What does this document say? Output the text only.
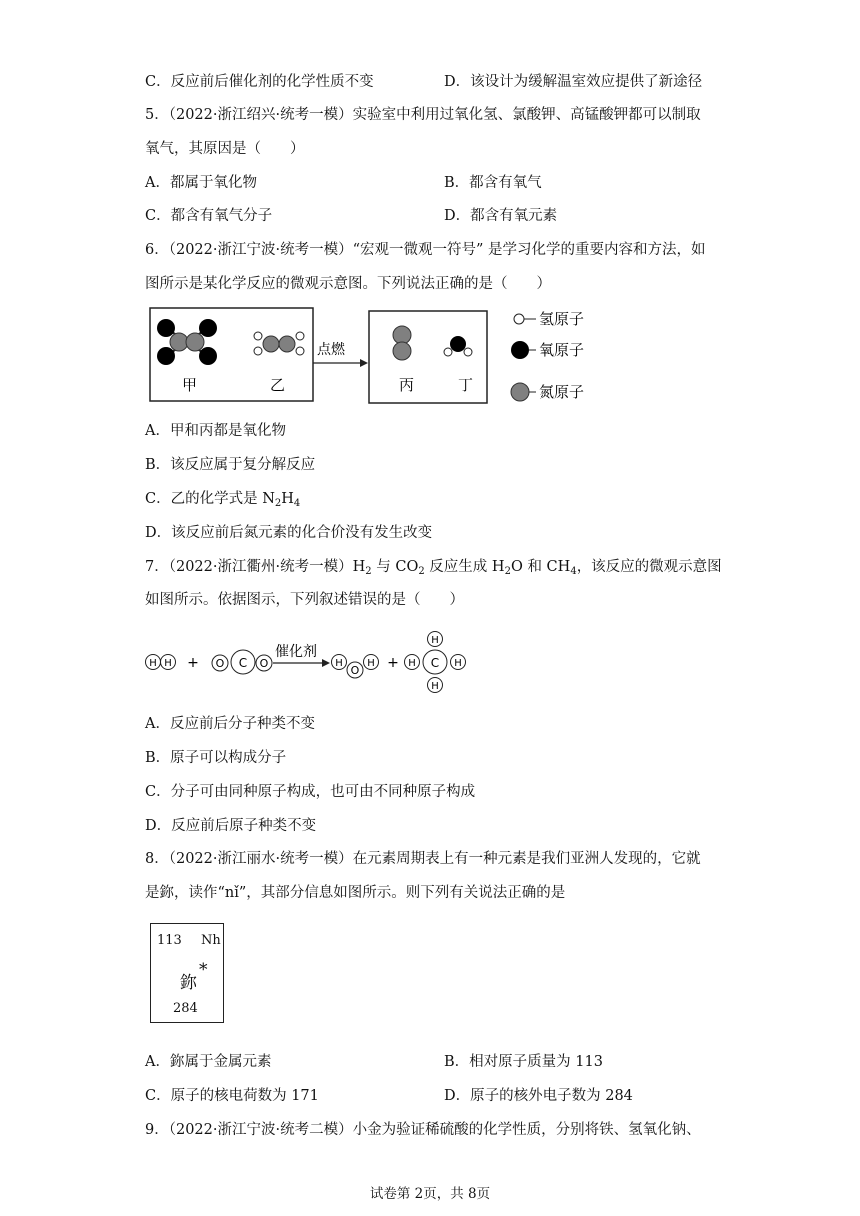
C．反应前后催化剂的化学性质不变	D．该设计为缓解温室效应提供了新途径
5．（2022·浙江绍兴·统考一模）实验室中利用过氧化氢、氯酸钾、高锰酸钾都可以制取
氧气，其原因是（　　）
A．都属于氧化物	B．都含有氧气
C．都含有氧气分子	D．都含有氧元素
6．（2022·浙江宁波·统考一模）“宏观一微观一符号” 是学习化学的重要内容和方法，如
图所示是某化学反应的微观示意图。下列说法正确的是（　　）
甲	乙
点燃
丙	丁
氢原子
氧原子
氮原子
A．甲和丙都是氧化物
B．该反应属于复分解反应
C．乙的化学式是 $N_2H_4$
D．该反应前后氮元素的化合价没有发生改变
7．（2022·浙江衢州·统考一模）$H_2$ 与 $CO_2$ 反应生成 $H_2O$ 和 $CH_4$，该反应的微观示意图
如图所示。依据图示，下列叙述错误的是（　　）
H H + O C O
催化剂
H
O
H +
H
H C H
H
A．反应前后分子种类不变
B．原子可以构成分子
C．分子可由同种原子构成，也可由不同种原子构成
D．反应前后原子种类不变
8．（2022·浙江丽水·统考一模）在元素周期表上有一种元素是我们亚洲人发现的，它就
是鉨，读作“nǐ”，其部分信息如图所示。则下列有关说法正确的是
113 Nh
鉨
*
284
A．鉨属于金属元素	B．相对原子质量为 113
C．原子的核电荷数为 171	D．原子的核外电子数为 284
9．（2022·浙江宁波·统考二模）小金为验证稀硫酸的化学性质，分别将铁、氢氧化钠、
试卷第 2页，共 8页
